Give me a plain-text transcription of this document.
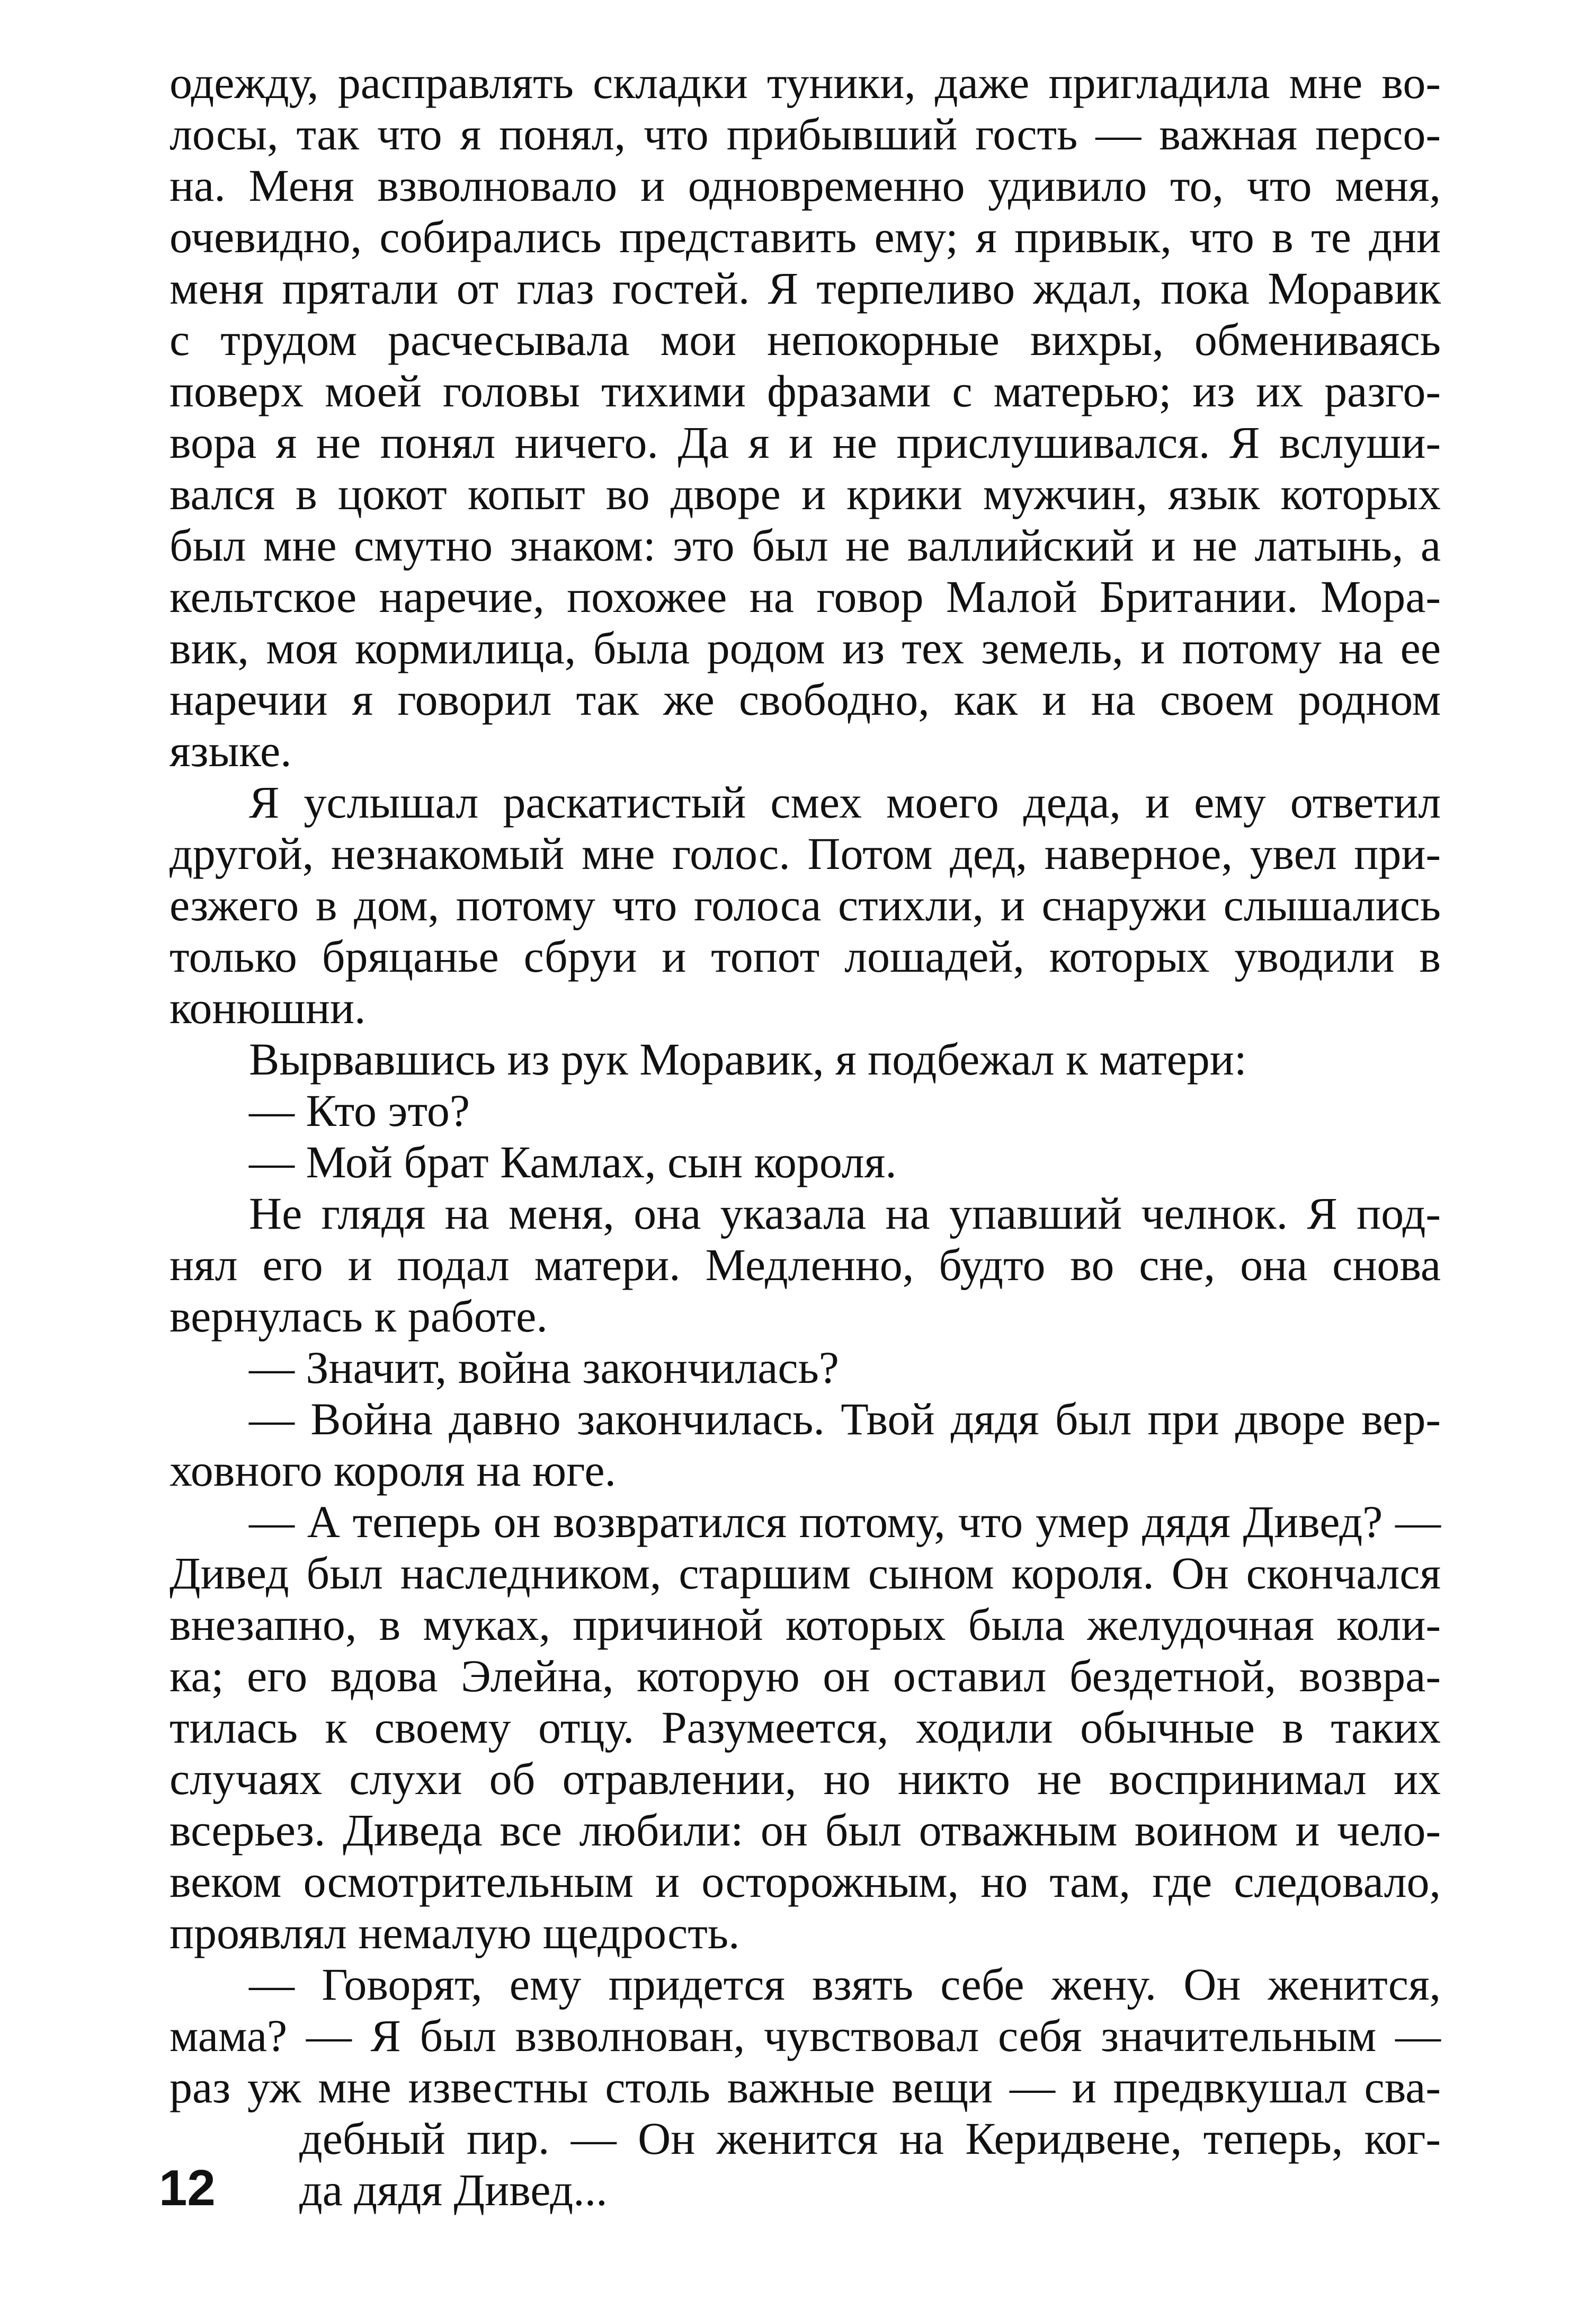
одежду, расправлять складки туники, даже пригладила мне во-
лосы, так что я понял, что прибывший гость — важная персо-
на. Меня взволновало и одновременно удивило то, что меня,
очевидно, собирались представить ему; я привык, что в те дни
меня прятали от глаз гостей. Я терпеливо ждал, пока Моравик
с трудом расчесывала мои непокорные вихры, обмениваясь
поверх моей головы тихими фразами с матерью; из их разго-
вора я не понял ничего. Да я и не прислушивался. Я вслуши-
вался в цокот копыт во дворе и крики мужчин, язык которых
был мне смутно знаком: это был не валлийский и не латынь, а
кельтское наречие, похожее на говор Малой Британии. Мора-
вик, моя кормилица, была родом из тех земель, и потому на ее
наречии я говорил так же свободно, как и на своем родном
языке.
Я услышал раскатистый смех моего деда, и ему ответил
другой, незнакомый мне голос. Потом дед, наверное, увел при-
езжего в дом, потому что голоса стихли, и снаружи слышались
только бряцанье сбруи и топот лошадей, которых уводили в
конюшни.
Вырвавшись из рук Моравик, я подбежал к матери:
— Кто это?
— Мой брат Камлах, сын короля.
Не глядя на меня, она указала на упавший челнок. Я под-
нял его и подал матери. Медленно, будто во сне, она снова
вернулась к работе.
— Значит, война закончилась?
— Война давно закончилась. Твой дядя был при дворе вер-
ховного короля на юге.
— А теперь он возвратился потому, что умер дядя Дивед? —
Дивед был наследником, старшим сыном короля. Он скончался
внезапно, в муках, причиной которых была желудочная коли-
ка; его вдова Элейна, которую он оставил бездетной, возвра-
тилась к своему отцу. Разумеется, ходили обычные в таких
случаях слухи об отравлении, но никто не воспринимал их
всерьез. Диведа все любили: он был отважным воином и чело-
веком осмотрительным и осторожным, но там, где следовало,
проявлял немалую щедрость.
— Говорят, ему придется взять себе жену. Он женится,
мама? — Я был взволнован, чувствовал себя значительным —
раз уж мне известны столь важные вещи — и предвкушал сва-
дебный пир. — Он женится на Керидвене, теперь, ког-
да дядя Дивед...
12
